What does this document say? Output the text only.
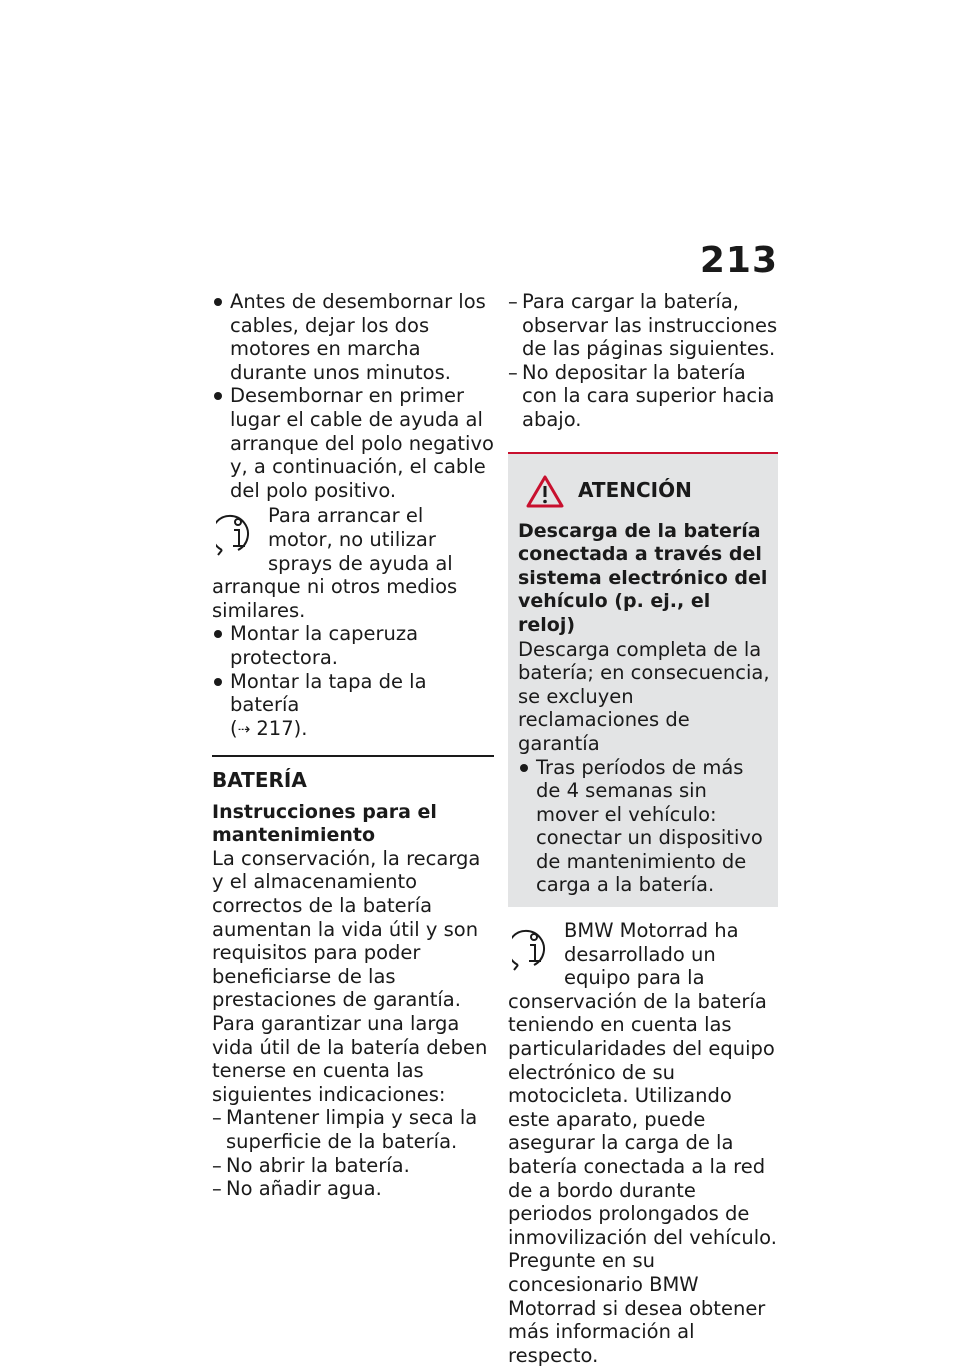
213
Antes de desembornar los cables, dejar los dos motores en marcha durante unos minutos.
Desembornar en primer lugar el cable de ayuda al arranque del polo negativo y, a continuación, el cable del polo positivo.
Para arrancar el motor, no utilizar sprays de ayuda al arranque ni otros medios similares.
Montar la caperuza protectora.
Montar la tapa de la batería
(⇢ 217).
BATERÍA
Instrucciones para el mantenimiento
La conservación, la recarga y el almacenamiento correctos de la batería aumentan la vida útil y son requisitos para poder beneficiarse de las prestaciones de garantía.
Para garantizar una larga vida útil de la batería deben tenerse en cuenta las siguientes indicaciones:
– Mantener limpia y seca la superficie de la batería.
– No abrir la batería.
– No añadir agua.
– Para cargar la batería, observar las instrucciones de las páginas siguientes.
– No depositar la batería con la cara superior hacia abajo.
ATENCIÓN
Descarga de la batería conectada a través del sistema electrónico del vehículo (p. ej., el reloj)
Descarga completa de la batería; en consecuencia, se excluyen reclamaciones de garantía
Tras períodos de más de 4 semanas sin mover el vehículo: conectar un dispositivo de mantenimiento de carga a la batería.
BMW Motorrad ha desarrollado un equipo para la conservación de la batería teniendo en cuenta las particularidades del equipo electrónico de su motocicleta. Utilizando este aparato, puede asegurar la carga de la batería conectada a la red de a bordo durante periodos prolongados de inmovilización del vehículo. Pregunte en su concesionario BMW Motorrad si desea obtener más información al respecto.
